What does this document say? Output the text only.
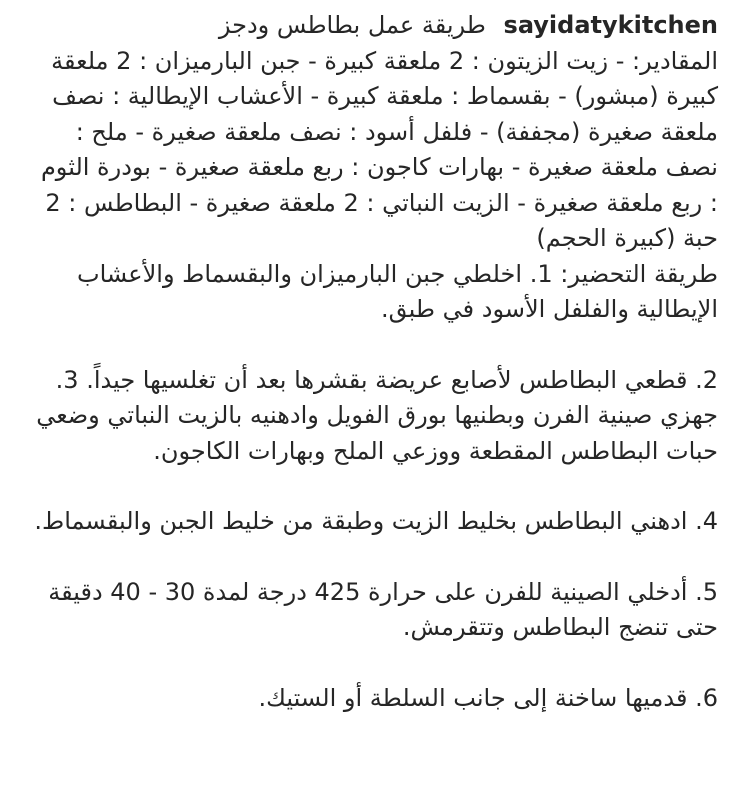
sayidatykitchen طريقة عمل بطاطس ودجز
المقادير: - زيت الزيتون : 2 ملعقة كبيرة - جبن البارميزان : 2 ملعقة كبيرة (مبشور) - بقسماط : ملعقة كبيرة - الأعشاب الإيطالية : نصف ملعقة صغيرة (مجففة) - فلفل أسود : نصف ملعقة صغيرة - ملح : نصف ملعقة صغيرة - بهارات كاجون : ربع ملعقة صغيرة - بودرة الثوم : ربع ملعقة صغيرة - الزيت النباتي : 2 ملعقة صغيرة - البطاطس : 2 حبة (كبيرة الحجم)
طريقة التحضير: 1. اخلطي جبن البارميزان والبقسماط والأعشاب الإيطالية والفلفل الأسود في طبق.
2. قطعي البطاطس لأصابع عريضة بقشرها بعد أن تغلسيها جيداً. 3. جهزي صينية الفرن وبطنيها بورق الفويل وادهنيه بالزيت النباتي وضعي حبات البطاطس المقطعة ووزعي الملح وبهارات الكاجون.
4. ادهني البطاطس بخليط الزيت وطبقة من خليط الجبن والبقسماط.
5. أدخلي الصينية للفرن على حرارة 425 درجة لمدة 30 - 40 دقيقة حتى تنضج البطاطس وتتقرمش.
6. قدميها ساخنة إلى جانب السلطة أو الستيك.
